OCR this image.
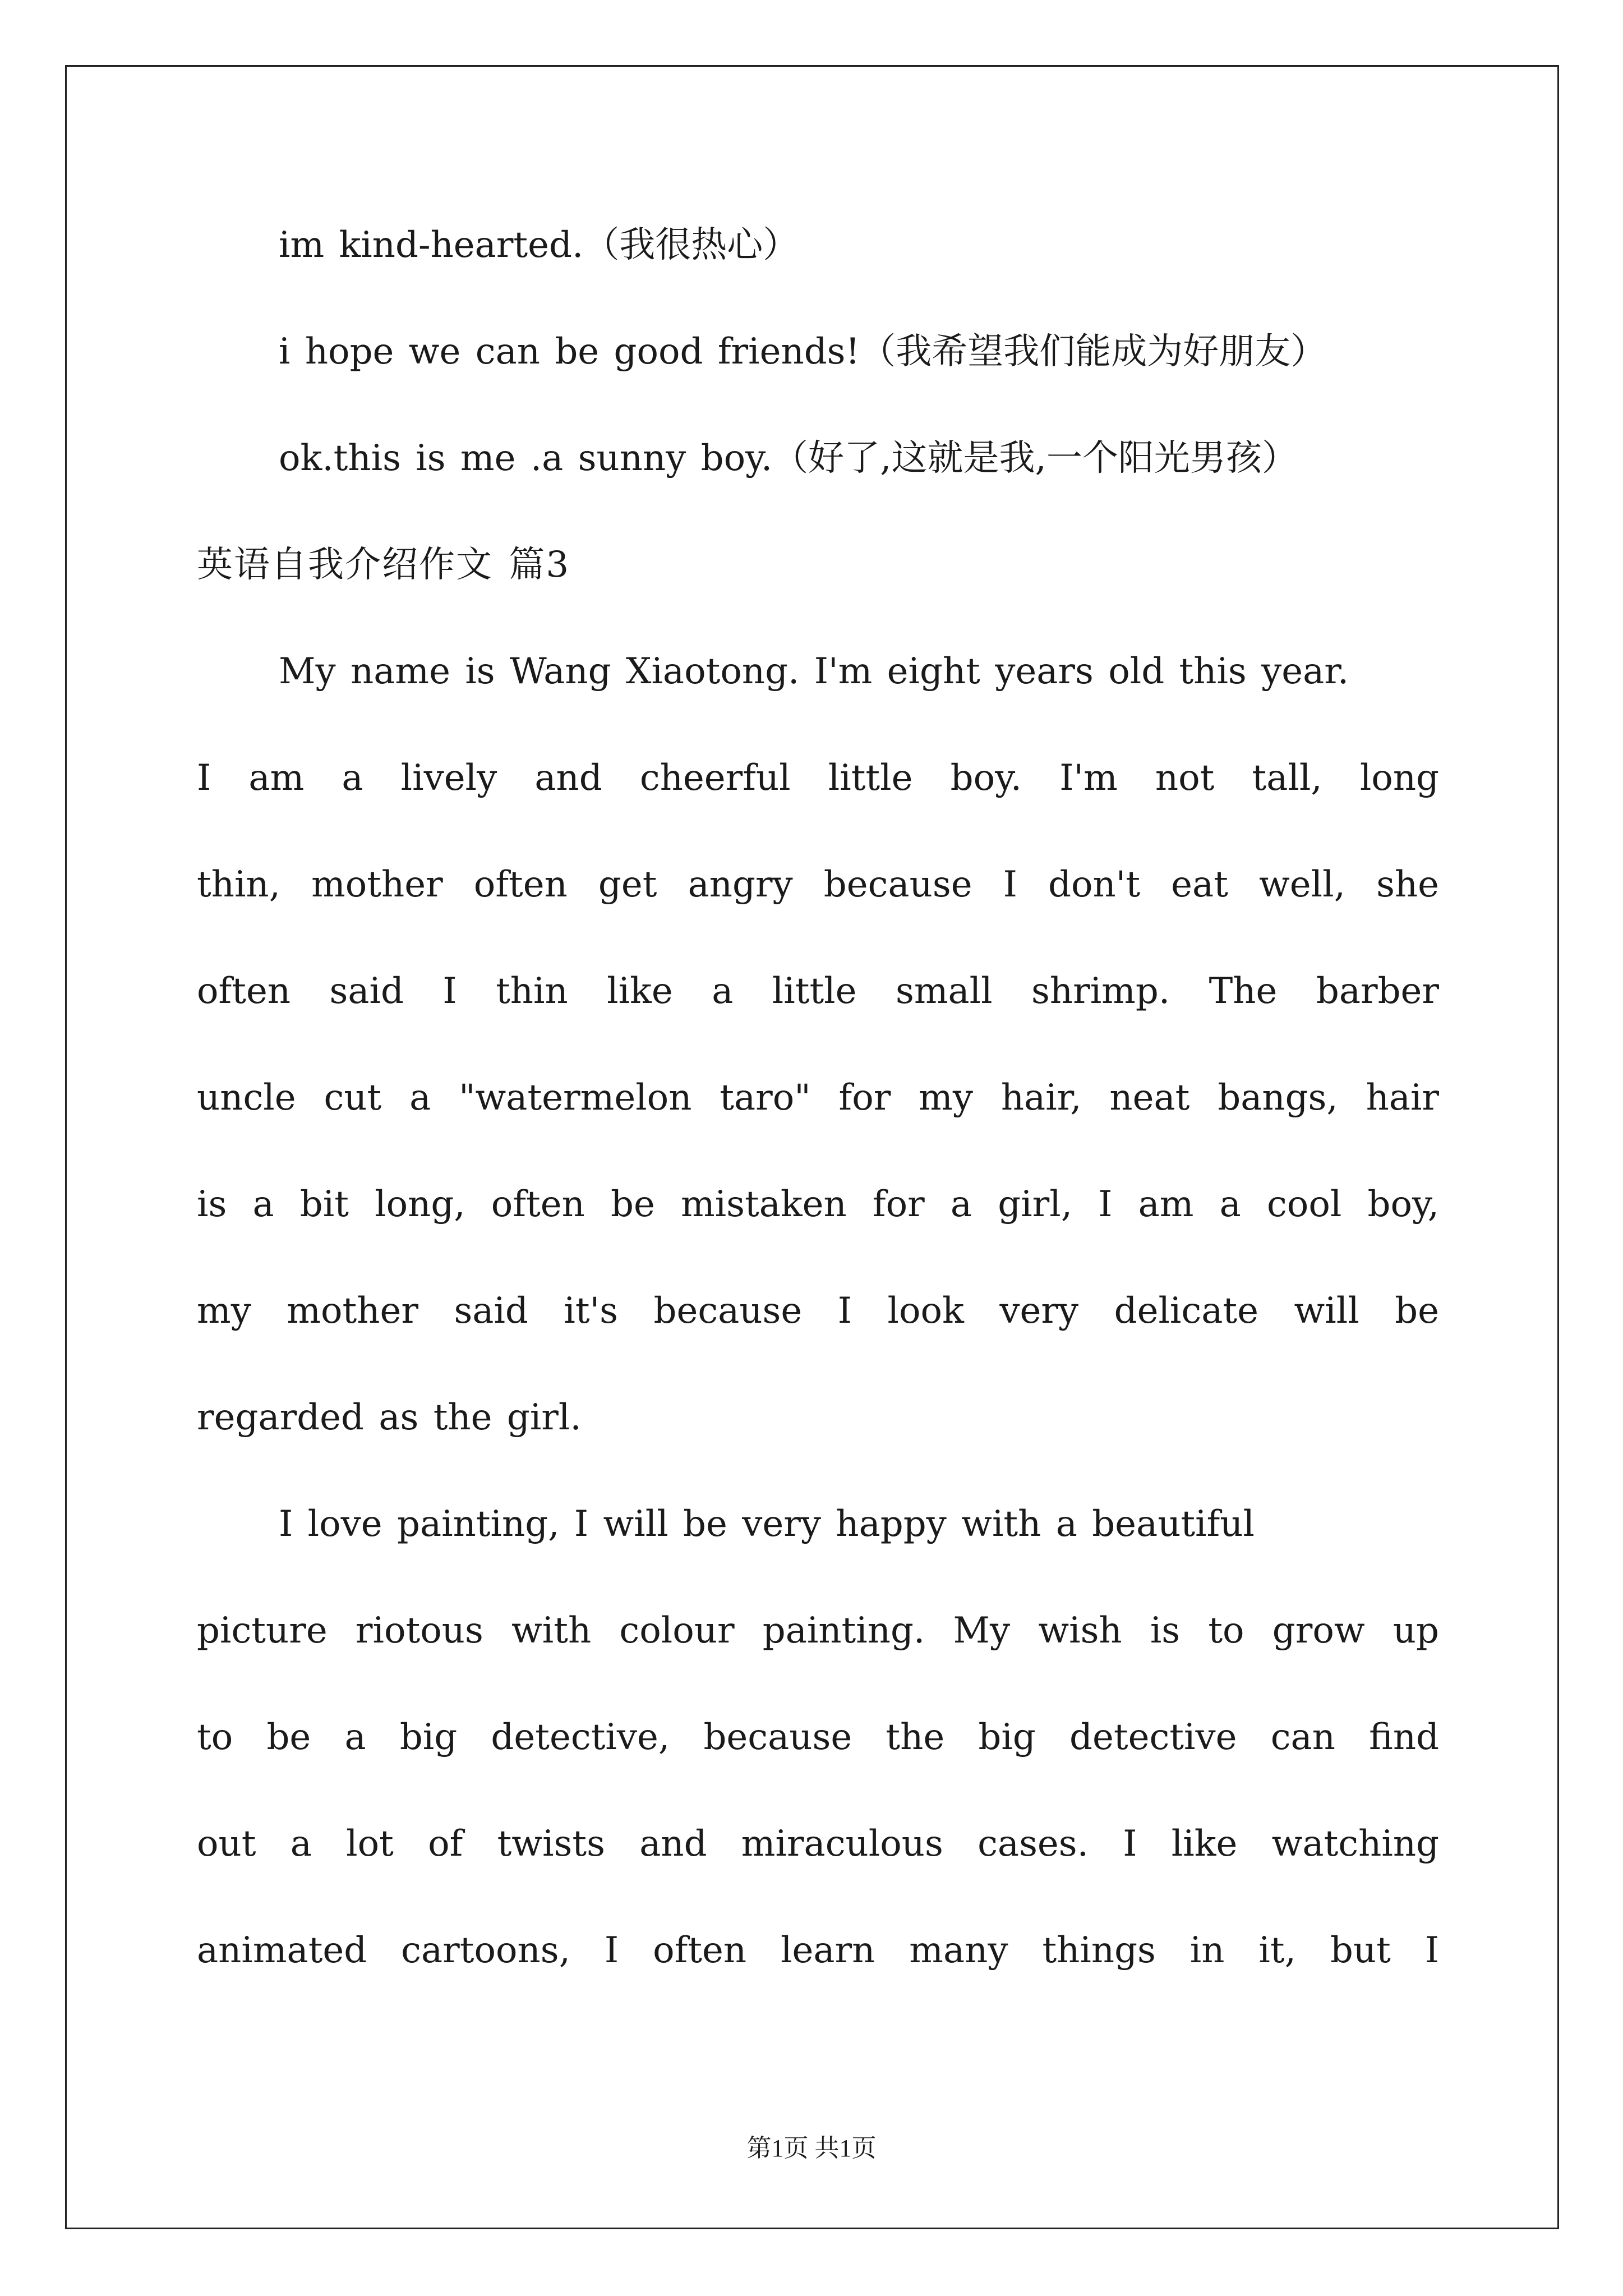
im kind-hearted.（我很热心）
i hope we can be good friends!（我希望我们能成为好朋友）
ok.this is me .a sunny boy.（好了,这就是我,一个阳光男孩）
英语自我介绍作文 篇3
My name is Wang Xiaotong. I'm eight years old this year.
I am a lively and cheerful little boy. I'm not tall, long
thin, mother often get angry because I don't eat well, she
often said I thin like a little small shrimp. The barber
uncle cut a "watermelon taro" for my hair, neat bangs, hair
is a bit long, often be mistaken for a girl, I am a cool boy,
my mother said it's because I look very delicate will be
regarded as the girl.
I love painting, I will be very happy with a beautiful
picture riotous with colour painting. My wish is to grow up
to be a big detective, because the big detective can find
out a lot of twists and miraculous cases. I like watching
animated cartoons, I often learn many things in it, but I
第1页 共1页
